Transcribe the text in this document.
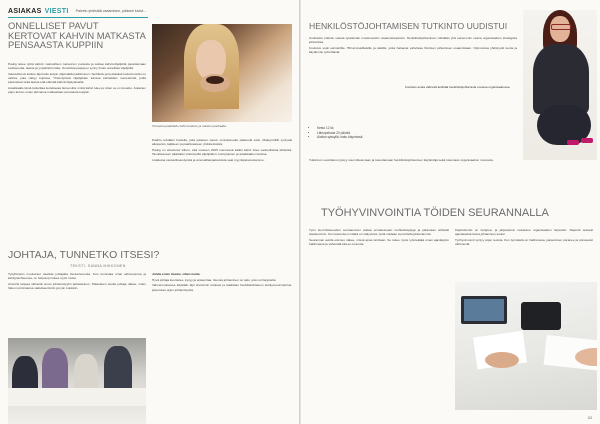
ASIAKAS VIESTI Palvelu yhdistää osaamisen, pääsee kahvi...
ONNELLISET PAVUT KERTOVAT KAHVIN MATKASTA PENSAASTA KUPPIIN

Paulig tekee työtä kahvin vastuullisen tuotannon puolesta ja auttaa kahvinviljelijöitä parantamaan tuottavuutta, laatua ja ympäristön tilaa. Onnellisia papuja ei synny ilman onnellisia viljelijöitä.

Vastuullisuus kulkee läpi koko ketjun viljelmältä paahtimoon. Sertifioitu ja kestävästi tuotettu kahvi on valinta, joka näkyy kupissa. Yhteistyössä viljelijöiden kanssa kehitetään menetelmiä, jotka parantavat sekä laatua että elämää kahvinviljelyalueilla.

Asiakkaalle tämä tarkoittaa luotettavaa tietoa siitä, mistä kahvi tulee ja miten se on tuotettu. Jokainen papu kertoo oman tarinansa matkastaan pensaasta kuppiin.

Tuoreena paahdettu kahvi tuoksuu ja maistuu parhaalta.

Paahto tehdään huolella, jotta jokaisen pavun ominaisuudet pääsevät esiin. Makuprofiilit syntyvät alkuperän, lajikkeen ja paahtoasteen yhdistelmästä.

Paulig on sitoutunut siihen, että vuoteen 2025 mennessä kaikki kahvi tulee vastuullisista lähteistä. Tavoitteeseen päästään yhteistyöllä viljelijöiden, kumppanien ja asiakkaiden kanssa.

Lisätietoa vastuullisuustyöstä ja ammattilaispalveluista saat myyntipalvelustamme.

JOHTAJA, TUNNETKO ITSESI?
TEKSTI: SANNA MIKKONEN

Työyhteisön muutokset vaativat johtajalta itsetuntemusta. Kun tunnistaa omat vahvuutensa ja kehityskohteensa, on helpompi tukea myös muita.

Arviointi tarjoaa välineitä oman johtamistyylin tarkasteluun. Palautteen avulla johtaja näkee, miten hänen toimintansa vaikuttaa tiimiin ja työn tuloksiin.

Johda ensin itseäsi, sitten muita

Hyvä johtaja kuuntelee, kysyy ja antaa tilaa. Itsensä johtaminen on taito, jota voi harjoitella.

Valmennuksessa käydään läpi arvioinnin tulokset ja laaditaan henkilökohtainen kehityssuunnitelma, joka tukee arjen johtamistyötä.

HENKILÖSTÖJOHTAMISEN TUTKINTO UUDISTUI

Uudistettu tutkinto vastaa työelämän muuttuneisiin osaamistarpeisiin. Henkilöstöjohtaminen nähdään yhä selvemmin osana organisaation strategista johtamista.

Koulutus sopii esimiehille, HR-ammattilaisille ja kaikille, jotka haluavat vahvistaa ihmisten johtamisen osaamistaan. Opinnoissa yhdistyvät teoria ja käytännön työtehtävät.

Koulutus antaa välineitä kehittää henkilöstöjohtamista omassa organisaatiossa.
• Kesto 12 kk
• Lähiopetusta 20 päivää
• Aloitus syksyllä, haku käynnissä

Tutkinnon suorittanut pystyy suunnittelemaan ja toteuttamaan henkilöstöjohtamisen käytäntöjä sekä tukemaan organisaation muutosta.

TYÖHYVINVOINTIA TÖIDEN SEURANNALLA

Työn kuormittavuuden seuraaminen auttaa ennakoimaan ruuhkahuippuja ja jakamaan tehtävät tasaisemmin. Kun tekemisen määrä on näkyvissä, työtä voidaan suunnitella järkevämmin.

Seurannan avulla esimies näkee, missä apua tarvitaan. Se tukee myös työntekijää oman ajankäytön hallinnassa ja vähentää kiireen tunnetta.

Käyttöönotto on helppoa, ja järjestelmä mukautuu organisaation tarpeisiin. Raportit antavat ajantasaista tietoa johtamisen tueksi.

Työhyvinvointi syntyy arjen teoista. Kun työmäärä on hallinnassa, jaksaminen paranee ja poissaolot vähenevät.

63
